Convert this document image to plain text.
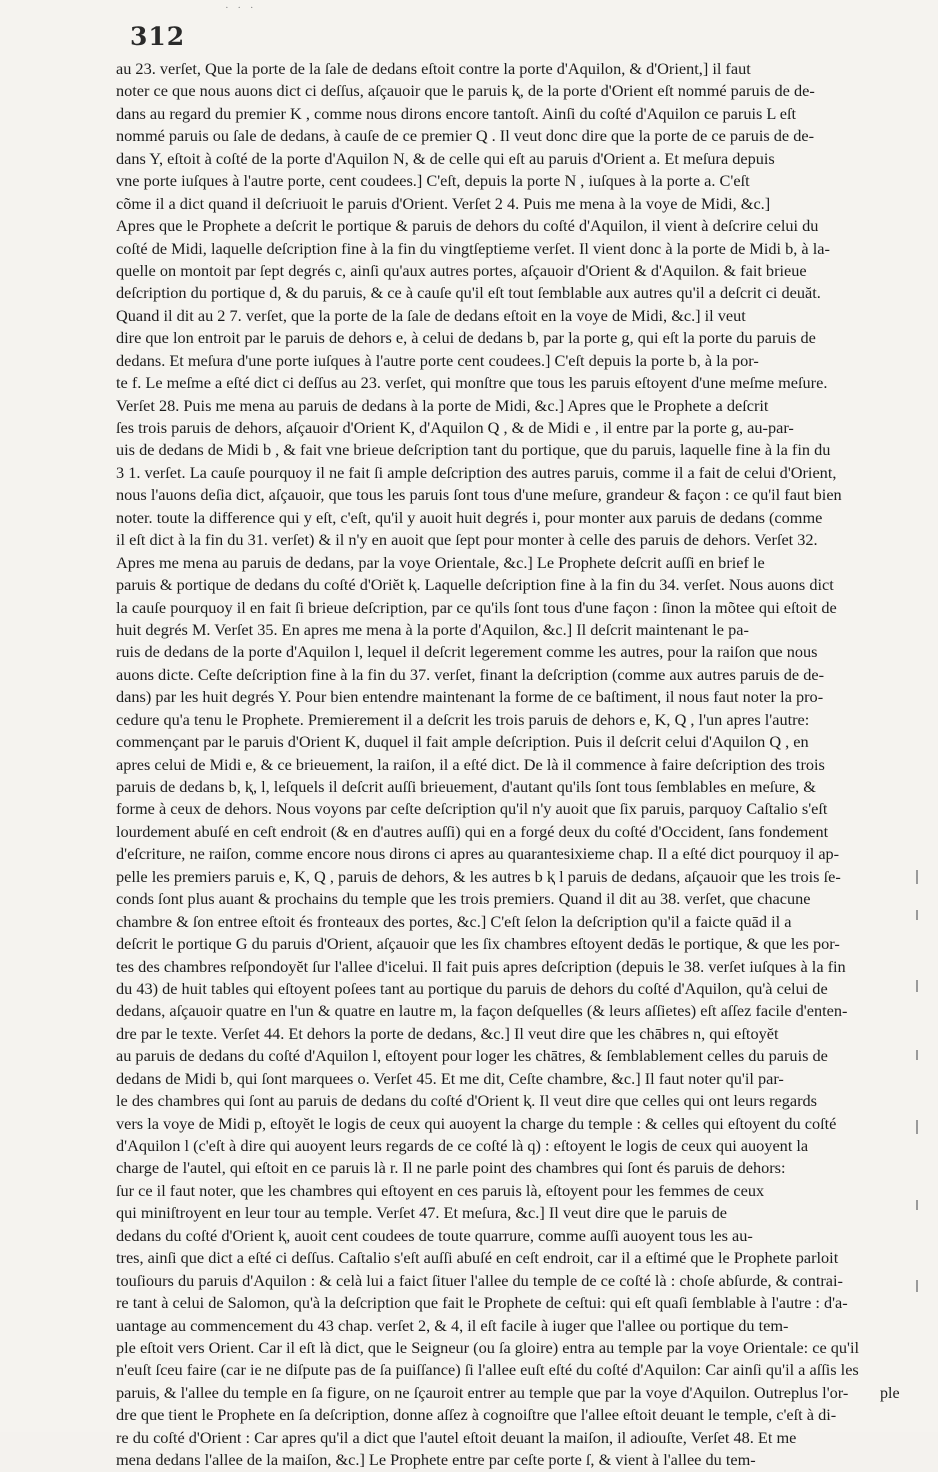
· · ·
312
au 23. verſet, Que la porte de la ſale de dedans eſtoit contre la porte d'Aquilon, & d'Orient,] il faut
noter ce que nous auons dict ci deſſus, aſçauoir que le paruis ⱪ, de la porte d'Orient eſt nommé paruis de de-
dans au regard du premier K , comme nous dirons encore tantoſt. Ainſi du coſté d'Aquilon ce paruis L eſt
nommé paruis ou ſale de dedans, à cauſe de ce premier Q . Il veut donc dire que la porte de ce paruis de de-
dans Y, eſtoit à coſté de la porte d'Aquilon N, & de celle qui eſt au paruis d'Orient a. Et meſura depuis
vne porte iuſques à l'autre porte, cent coudees.] C'eſt, depuis la porte N , iuſques à la porte a. C'eſt
cõme il a dict quand il deſcriuoit le paruis d'Orient. Verſet 2 4. Puis me mena à la voye de Midi, &c.]
Apres que le Prophete a deſcrit le portique & paruis de dehors du coſté d'Aquilon, il vient à deſcrire celui du
coſté de Midi, laquelle deſcription fine à la fin du vingtſeptieme verſet. Il vient donc à la porte de Midi b, à la-
quelle on montoit par ſept degrés c, ainſi qu'aux autres portes, aſçauoir d'Orient & d'Aquilon. & fait brieue
deſcription du portique d, & du paruis, & ce à cauſe qu'il eſt tout ſemblable aux autres qu'il a deſcrit ci deuăt.
Quand il dit au 2 7. verſet, que la porte de la ſale de dedans eſtoit en la voye de Midi, &c.] il veut
dire que lon entroit par le paruis de dehors e, à celui de dedans b, par la porte g, qui eſt la porte du paruis de
dedans. Et meſura d'une porte iuſques à l'autre porte cent coudees.] C'eſt depuis la porte b, à la por-
te f. Le meſme a eſté dict ci deſſus au 23. verſet, qui monſtre que tous les paruis eſtoyent d'une meſme meſure.
Verſet 28. Puis me mena au paruis de dedans à la porte de Midi, &c.] Apres que le Prophete a deſcrit
ſes trois paruis de dehors, aſçauoir d'Orient K, d'Aquilon Q , & de Midi e , il entre par la porte g, au-par-
uis de dedans de Midi b , & fait vne brieue deſcription tant du portique, que du paruis, laquelle fine à la fin du
3 1. verſet. La cauſe pourquoy il ne fait ſi ample deſcription des autres paruis, comme il a fait de celui d'Orient,
nous l'auons deſia dict, aſçauoir, que tous les paruis ſont tous d'une meſure, grandeur & façon : ce qu'il faut bien
noter. toute la difference qui y eſt, c'eſt, qu'il y auoit huit degrés i, pour monter aux paruis de dedans (comme
il eſt dict à la fin du 31. verſet) & il n'y en auoit que ſept pour monter à celle des paruis de dehors. Verſet 32.
Apres me mena au paruis de dedans, par la voye Orientale, &c.] Le Prophete deſcrit auſſi en brief le
paruis & portique de dedans du coſté d'Oriĕt ⱪ. Laquelle deſcription fine à la fin du 34. verſet. Nous auons dict
la cauſe pourquoy il en fait ſi brieue deſcription, par ce qu'ils ſont tous d'une façon : ſinon la mõtee qui eſtoit de
huit degrés M. Verſet 35. En apres me mena à la porte d'Aquilon, &c.] Il deſcrit maintenant le pa-
ruis de dedans de la porte d'Aquilon l, lequel il deſcrit legerement comme les autres, pour la raiſon que nous
auons dicte. Ceſte deſcription fine à la fin du 37. verſet, finant la deſcription (comme aux autres paruis de de-
dans) par les huit degrés Y. Pour bien entendre maintenant la forme de ce baſtiment, il nous faut noter la pro-
cedure qu'a tenu le Prophete. Premierement il a deſcrit les trois paruis de dehors e, K, Q , l'un apres l'autre:
commençant par le paruis d'Orient K, duquel il fait ample deſcription. Puis il deſcrit celui d'Aquilon Q , en
apres celui de Midi e, & ce brieuement, la raiſon, il a eſté dict. De là il commence à faire deſcription des trois
paruis de dedans b, ⱪ, l, leſquels il deſcrit auſſi brieuement, d'autant qu'ils ſont tous ſemblables en meſure, &
forme à ceux de dehors. Nous voyons par ceſte deſcription qu'il n'y auoit que ſix paruis, parquoy Caſtalio s'eſt
lourdement abuſé en ceſt endroit (& en d'autres auſſi) qui en a forgé deux du coſté d'Occident, ſans fondement
d'eſcriture, ne raiſon, comme encore nous dirons ci apres au quarantesixieme chap. Il a eſté dict pourquoy il ap-
pelle les premiers paruis e, K, Q , paruis de dehors, & les autres b ⱪ l paruis de dedans, aſçauoir que les trois ſe-
conds ſont plus auant & prochains du temple que les trois premiers. Quand il dit au 38. verſet, que chacune
chambre & ſon entree eſtoit és fronteaux des portes, &c.] C'eſt ſelon la deſcription qu'il a faicte quād il a
deſcrit le portique G du paruis d'Orient, aſçauoir que les ſix chambres eſtoyent dedās le portique, & que les por-
tes des chambres reſpondoyĕt ſur l'allee d'icelui. Il fait puis apres deſcription (depuis le 38. verſet iuſques à la fin
du 43) de huit tables qui eſtoyent poſees tant au portique du paruis de dehors du coſté d'Aquilon, qu'à celui de
dedans, aſçauoir quatre en l'un & quatre en lautre m, la façon deſquelles (& leurs aſſietes) eſt aſſez facile d'enten-
dre par le texte. Verſet 44. Et dehors la porte de dedans, &c.] Il veut dire que les chābres n, qui eſtoyĕt
au paruis de dedans du coſté d'Aquilon l, eſtoyent pour loger les chātres, & ſemblablement celles du paruis de
dedans de Midi b, qui ſont marquees o. Verſet 45. Et me dit, Ceſte chambre, &c.] Il faut noter qu'il par-
le des chambres qui ſont au paruis de dedans du coſté d'Orient ⱪ. Il veut dire que celles qui ont leurs regards
vers la voye de Midi p, eſtoyĕt le logis de ceux qui auoyent la charge du temple : & celles qui eſtoyent du coſté
d'Aquilon l (c'eſt à dire qui auoyent leurs regards de ce coſté là q) : eſtoyent le logis de ceux qui auoyent la
charge de l'autel, qui eſtoit en ce paruis là r. Il ne parle point des chambres qui ſont és paruis de dehors:
ſur ce il faut noter, que les chambres qui eſtoyent en ces paruis là, eſtoyent pour les femmes de ceux
qui miniſtroyent en leur tour au temple. Verſet 47. Et meſura, &c.] Il veut dire que le paruis de
dedans du coſté d'Orient ⱪ, auoit cent coudees de toute quarrure, comme auſſi auoyent tous les au-
tres, ainſi que dict a eſté ci deſſus. Caſtalio s'eſt auſſi abuſé en ceſt endroit, car il a eſtimé que le Prophete parloit
touſiours du paruis d'Aquilon : & celà lui a faict ſituer l'allee du temple de ce coſté là : choſe abſurde, & contrai-
re tant à celui de Salomon, qu'à la deſcription que fait le Prophete de ceſtui: qui eſt quaſi ſemblable à l'autre : d'a-
uantage au commencement du 43 chap. verſet 2, & 4, il eſt facile à iuger que l'allee ou portique du tem-
ple eſtoit vers Orient. Car il eſt là dict, que le Seigneur (ou ſa gloire) entra au temple par la voye Orientale: ce qu'il
n'euſt ſceu faire (car ie ne diſpute pas de ſa puiſſance) ſi l'allee euſt eſté du coſté d'Aquilon: Car ainſi qu'il a aſſis les
paruis, & l'allee du temple en ſa figure, on ne ſçauroit entrer au temple que par la voye d'Aquilon. Outreplus l'or-
dre que tient le Prophete en ſa deſcription, donne aſſez à cognoiſtre que l'allee eſtoit deuant le temple, c'eſt à di-
re du coſté d'Orient : Car apres qu'il a dict que l'autel eſtoit deuant la maiſon, il adiouſte, Verſet 48. Et me
mena dedans l'allee de la maiſon, &c.] Le Prophete entre par ceſte porte ſ, & vient à l'allee du tem-
ple
